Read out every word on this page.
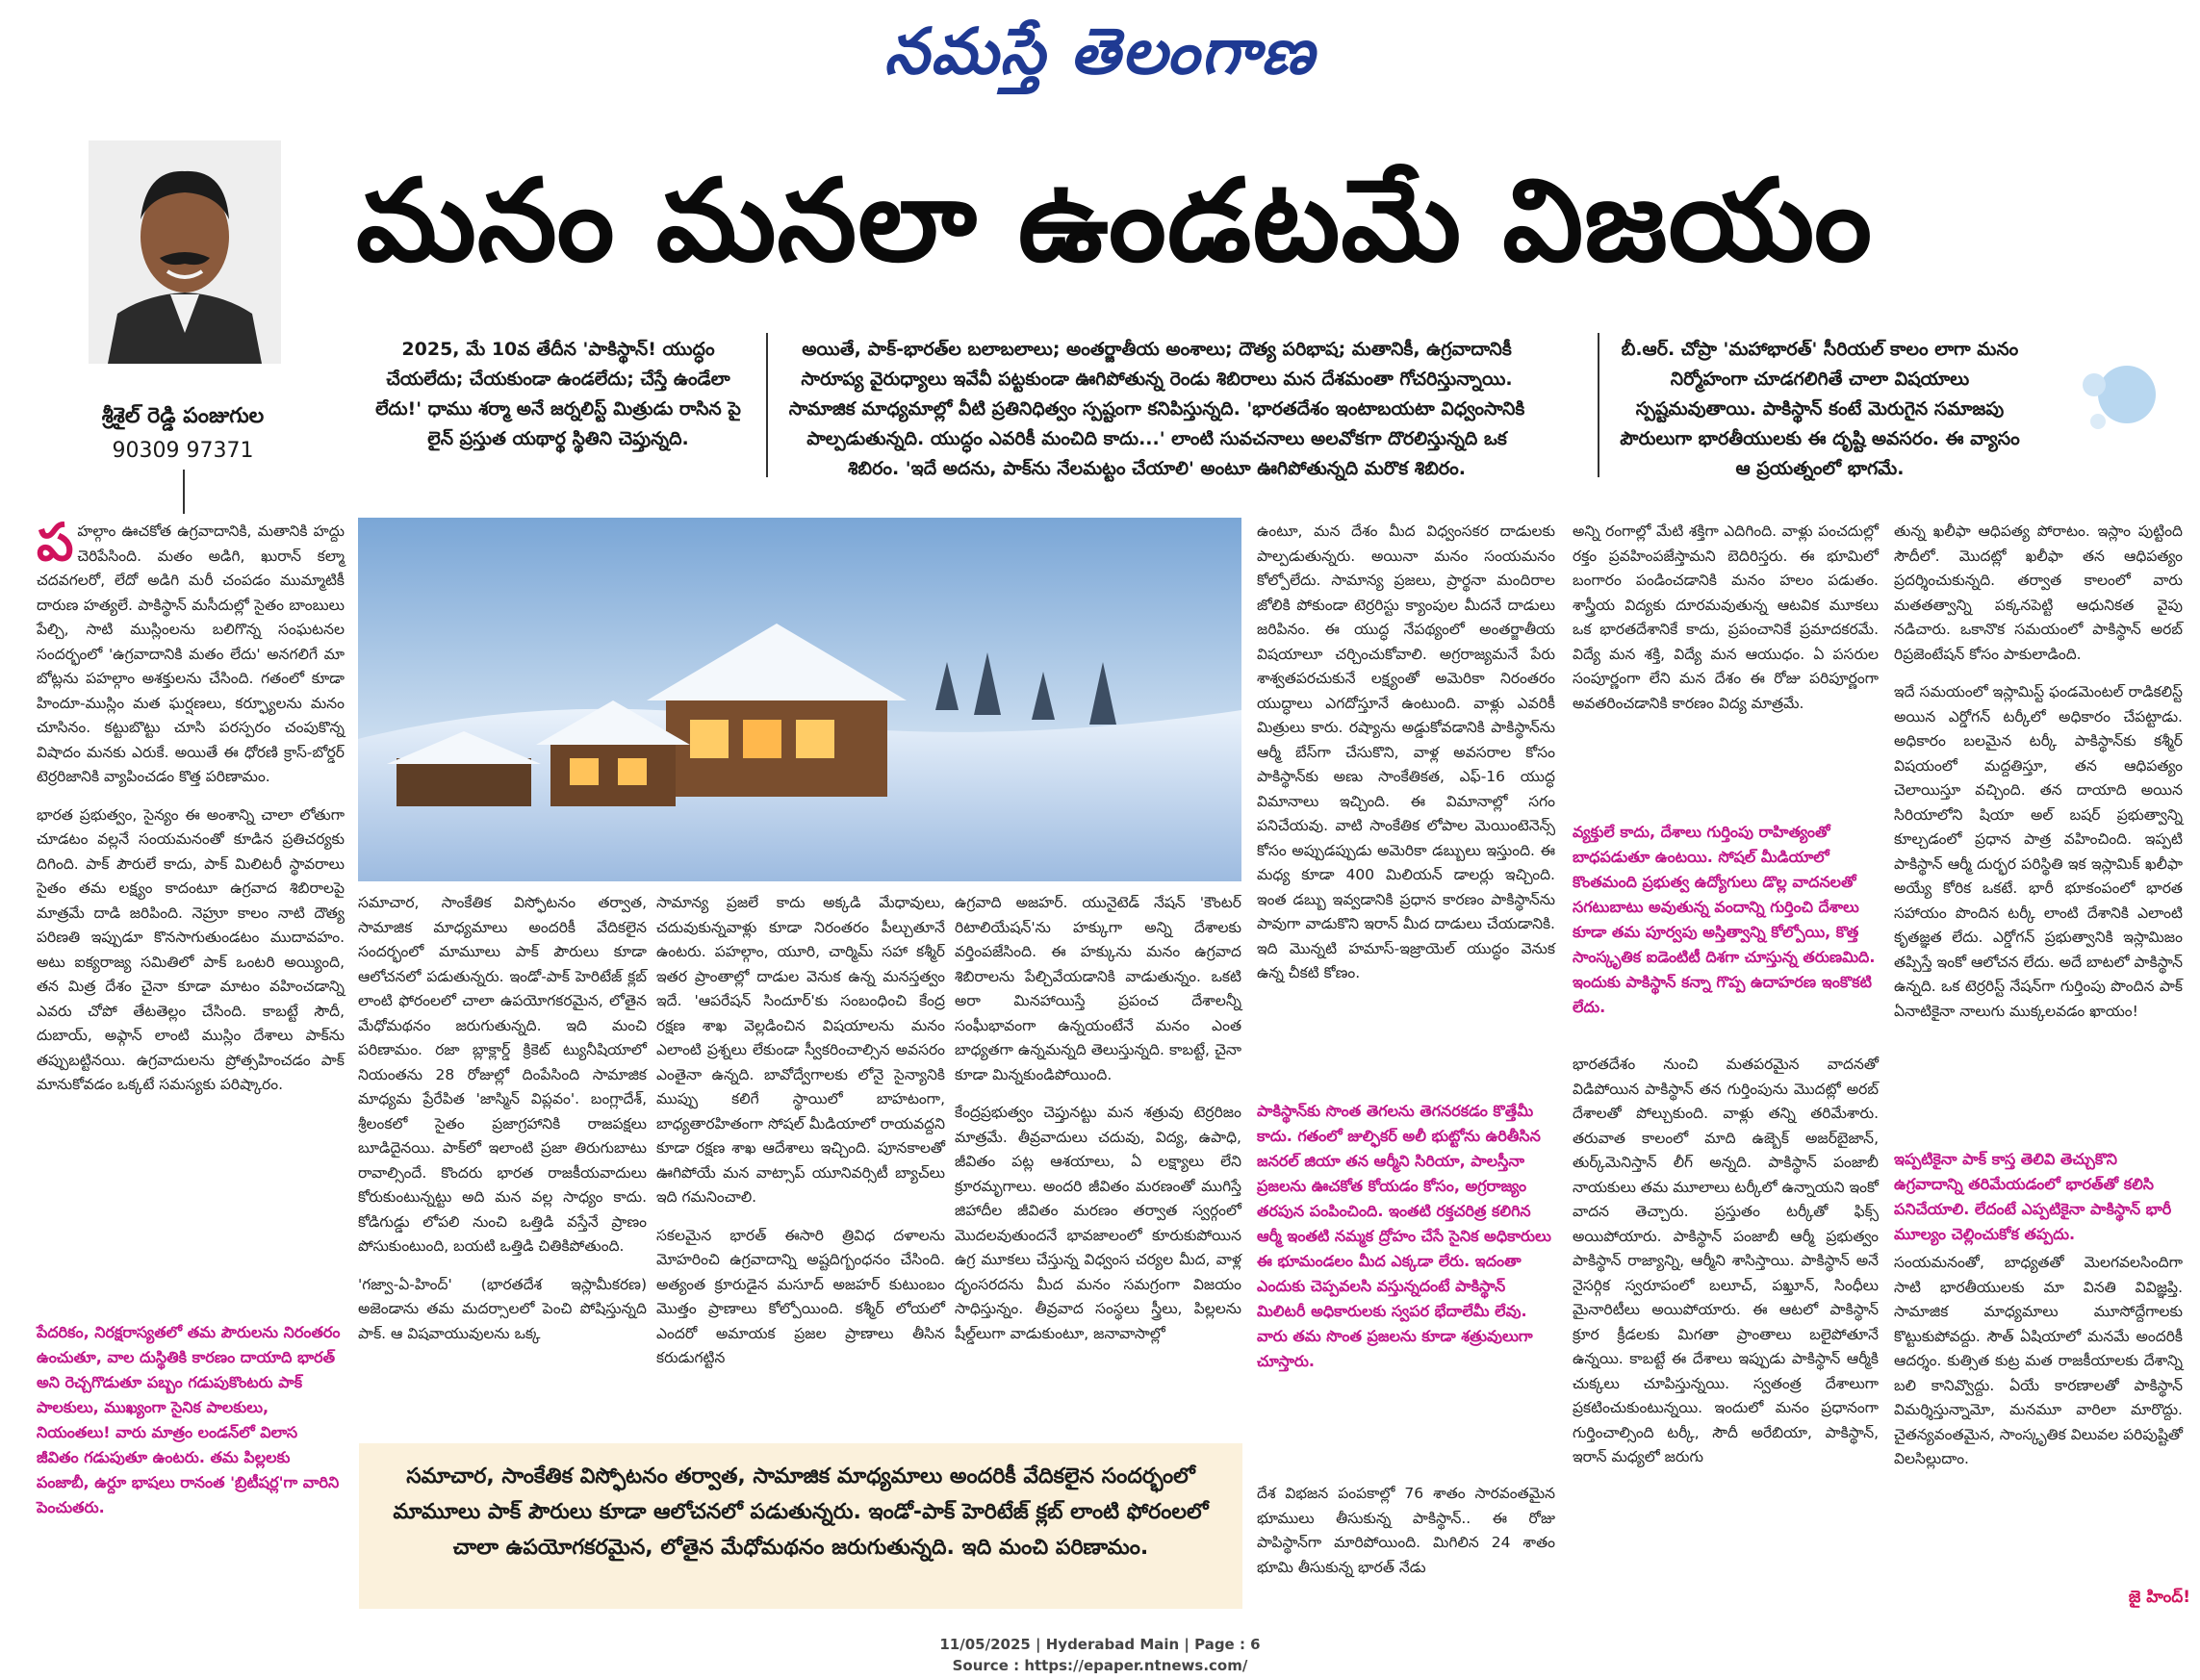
నమస్తే తెలంగాణ
శ్రీశైల్ రెడ్డి పంజుగుల
90309 97371
మనం మనలా ఉండటమే విజయం
2025, మే 10వ తేదీన 'పాకిస్థాన్! యుద్ధం చేయలేదు; చేయకుండా ఉండలేదు; చేస్తే ఉండేలా లేదు!' ధాము శర్మా అనే జర్నలిస్ట్ మిత్రుడు రాసిన పై లైన్ ప్రస్తుత యథార్థ స్థితిని చెప్తున్నది.
అయితే, పాక్-భారత్‌ల బలాబలాలు; అంతర్జాతీయ అంశాలు; దౌత్య పరిభాష; మతానికీ, ఉగ్రవాదానికీ సారూప్య వైరుధ్యాలు ఇవేవీ పట్టకుండా ఊగిపోతున్న రెండు శిబిరాలు మన దేశమంతా గోచరిస్తున్నాయి. సామాజిక మాధ్యమాల్లో వీటి ప్రతినిధిత్వం స్పష్టంగా కనిపిస్తున్నది. 'భారతదేశం ఇంటాబయటా విధ్వంసానికి పాల్పడుతున్నది. యుద్ధం ఎవరికీ మంచిది కాదు...' లాంటి సువచనాలు అలవోకగా దొరలిస్తున్నది ఒక శిబిరం. 'ఇదే అదను, పాక్‌ను నేలమట్టం చేయాలి' అంటూ ఊగిపోతున్నది మరొక శిబిరం.
బీ.ఆర్. చోప్రా 'మహాభారత్' సీరియల్ కాలం లాగా మనం నిర్మోహంగా చూడగలిగితే చాలా విషయాలు స్పష్టమవుతాయి. పాకిస్థాన్ కంటే మెరుగైన సమాజపు పౌరులుగా భారతీయులకు ఈ దృష్టి అవసరం. ఈ వ్యాసం ఆ ప్రయత్నంలో భాగమే.

పహల్గాం ఊచకోత ఉగ్రవాదానికి, మతానికి హద్దు చెరిపేసింది. మతం అడిగి, ఖురాన్ కల్మా చదవగలరో, లేదో అడిగి మరీ చంపడం ముమ్మాటికీ దారుణ హత్యలే. పాకిస్థాన్ మసీదుల్లో సైతం బాంబులు పేల్చి, సాటి ముస్లింలను బలిగొన్న సంఘటనల సందర్భంలో 'ఉగ్రవాదానికి మతం లేదు' అనగలిగే మా బోట్లను పహల్గాం అశక్తులను చేసింది. గతంలో కూడా హిందూ-ముస్లిం మత ఘర్షణలు, కర్ఫ్యూలను మనం చూసినం. కట్టుబొట్టు చూసి పరస్పరం చంపుకొన్న విషాదం మనకు ఎరుకే. అయితే ఈ ధోరణి క్రాస్-బోర్డర్ టెర్రరిజానికి వ్యాపించడం కొత్త పరిణామం.

భారత ప్రభుత్వం, సైన్యం ఈ అంశాన్ని చాలా లోతుగా చూడటం వల్లనే సంయమనంతో కూడిన ప్రతిచర్యకు దిగింది. పాక్ పౌరులే కాదు, పాక్ మిలిటరీ స్థావరాలు సైతం తమ లక్ష్యం కాదంటూ ఉగ్రవాద శిబిరాలపై మాత్రమే దాడి జరిపింది. నెహ్రూ కాలం నాటి దౌత్య పరిణతి ఇప్పుడూ కొనసాగుతుండటం ముదావహం. అటు ఐక్యరాజ్య సమితిలో పాక్ ఒంటరి అయ్యింది, తన మిత్ర దేశం చైనా కూడా మాటం వహించడాన్ని ఎవరు చోపో తేటతెల్లం చేసింది. కాబట్టే సౌదీ, దుబాయ్, అఫ్గాన్ లాంటి ముస్లిం దేశాలు పాక్‌ను తప్పుబట్టినయి. ఉగ్రవాదులను ప్రోత్సహించడం పాక్ మానుకోవడం ఒక్కటే సమస్యకు పరిష్కారం.

పేదరికం, నిరక్షరాస్యతలో తమ పౌరులను నిరంతరం ఉంచుతూ, వాల దుస్థితికి కారణం దాయాది భారత్ అని రెచ్చగొడుతూ పబ్బం గడుపుకొంటరు పాక్ పాలకులు, ముఖ్యంగా సైనిక పాలకులు, నియంతలు! వారు మాత్రం లండన్‌లో విలాస జీవితం గడుపుతూ ఉంటరు. తమ పిల్లలకు పంజాబీ, ఉర్దూ భాషలు రానంత 'బ్రిటీషర్ల'గా వారిని పెంచుతరు.

సమాచార, సాంకేతిక విస్ఫోటనం తర్వాత, సామాజిక మాధ్యమాలు అందరికీ వేదికలైన సందర్భంలో మామూలు పాక్ పౌరులు కూడా ఆలోచనలో పడుతున్నరు. ఇండో-పాక్ హెరిటేజ్ క్లబ్ లాంటి ఫోరంలలో చాలా ఉపయోగకరమైన, లోతైన మేధోమథనం జరుగుతున్నది. ఇది మంచి పరిణామం. రజా బ్లాక్లార్డ్ క్రికెట్ ట్యునీషియాలో నియంతను 28 రోజుల్లో దింపేసింది సామాజిక మాధ్యమ ప్రేరేపిత 'జాస్మిన్ విప్లవం'. బంగ్లాదేశ్, శ్రీలంకలో సైతం ప్రజాగ్రహానికి రాజపక్షలు బూడిదైనయి. పాక్‌లో ఇలాంటి ప్రజా తిరుగుబాటు రావాల్సిందే. కొందరు భారత రాజకీయవాదులు కోరుకుంటున్నట్టు అది మన వల్ల సాధ్యం కాదు. కోడిగుడ్డు లోపలి నుంచి ఒత్తిడి వస్తేనే ప్రాణం పోసుకుంటుంది, బయటి ఒత్తిడి చితికిపోతుంది.

'గజ్వా-ఏ-హింద్' (భారతదేశ ఇస్లామీకరణ) అజెండాను తమ మదర్సాలలో పెంచి పోషిస్తున్నది పాక్. ఆ విషవాయువులను ఒక్క

సామాన్య ప్రజలే కాదు అక్కడి మేధావులు, చదువుకున్నవాళ్లు కూడా నిరంతరం పీల్చుతూనే ఉంటరు. పహల్గాం, యూరి, చార్మిమ్ సహా కశ్మీర్ ఇతర ప్రాంతాల్లో దాడుల వెనుక ఉన్న మనస్తత్వం ఇదే. 'ఆపరేషన్ సిందూర్'కు సంబంధించి కేంద్ర రక్షణ శాఖ వెల్లడించిన విషయాలను మనం ఎలాంటి ప్రశ్నలు లేకుండా స్వీకరించాల్సిన అవసరం ఎంతైనా ఉన్నది. బావోద్వేగాలకు లోనై సైన్యానికి ముప్పు కలిగే స్థాయిలో బాహటంగా, బాధ్యతారహితంగా సోషల్ మీడియాలో రాయవద్దని కూడా రక్షణ శాఖ ఆదేశాలు ఇచ్చింది. పూనకాలతో ఊగిపోయే మన వాట్సాప్ యూనివర్సిటీ బ్యాచ్‌లు ఇది గమనించాలి.

సకలమైన భారత్ ఈసారి త్రివిధ దళాలను మోహరించి ఉగ్రవాదాన్ని అష్టదిగ్బంధనం చేసింది. అత్యంత క్రూరుడైన మసూద్ అజహర్ కుటుంబం మొత్తం ప్రాణాలు కోల్పోయింది. కశ్మీర్ లోయలో ఎందరో అమాయక ప్రజల ప్రాణాలు తీసిన కరుడుగట్టిన

ఉగ్రవాది అజహర్. యునైటెడ్ నేషన్ 'కౌంటర్ రిటాలియేషన్'ను హక్కుగా అన్ని దేశాలకు వర్తింపజేసింది. ఈ హక్కును మనం ఉగ్రవాద శిబిరాలను పేల్చివేయడానికి వాడుతున్నం. ఒకటి అరా మినహాయిస్తే ప్రపంచ దేశాలన్నీ సంఘీభావంగా ఉన్నయంటేనే మనం ఎంత బాధ్యతగా ఉన్నమన్నది తెలుస్తున్నది. కాబట్టే, చైనా కూడా మిన్నకుండిపోయింది.

కేంద్రప్రభుత్వం చెప్తునట్టు మన శత్రువు టెర్రరిజం మాత్రమే. తీవ్రవాదులు చదువు, విద్య, ఉపాధి, జీవితం పట్ల ఆశయాలు, ఏ లక్ష్యాలు లేని క్రూరమృగాలు. అందరి జీవితం మరణంతో ముగిస్తే జిహాదీల జీవితం మరణం తర్వాత స్వర్గంలో మొదలవుతుందనే భావజాలంలో కూరుకుపోయిన ఉగ్ర మూకలు చేస్తున్న విధ్వంస చర్యల మీద, వాళ్ల దృంసరదను మీద మనం సమగ్రంగా విజయం సాధిస్తున్నం. తీవ్రవాద సంస్థలు స్త్రీలు, పిల్లలను షీల్డ్‌లుగా వాడుకుంటూ, జనావాసాల్లో

సమాచార, సాంకేతిక విస్ఫోటనం తర్వాత, సామాజిక మాధ్యమాలు అందరికీ వేదికలైన సందర్భంలో మామూలు పాక్ పౌరులు కూడా ఆలోచనలో పడుతున్నరు. ఇండో-పాక్ హెరిటేజ్ క్లబ్ లాంటి ఫోరంలలో చాలా ఉపయోగకరమైన, లోతైన మేధోమథనం జరుగుతున్నది. ఇది మంచి పరిణామం.

ఉంటూ, మన దేశం మీద విధ్వంసకర దాడులకు పాల్పడుతున్నరు. అయినా మనం సంయమనం కోల్పోలేదు. సామాన్య ప్రజలు, ప్రార్థనా మందిరాల జోలికి పోకుండా టెర్రరిస్టు క్యాంపుల మీదనే దాడులు జరిపినం. ఈ యుద్ధ నేపథ్యంలో అంతర్జాతీయ విషయాలూ చర్చించుకోవాలి. అగ్రరాజ్యమనే పేరు శాశ్వతపరచుకునే లక్ష్యంతో అమెరికా నిరంతరం యుద్ధాలు ఎగదోస్తూనే ఉంటుంది. వాళ్లు ఎవరికీ మిత్రులు కారు. రష్యాను అడ్డుకోవడానికి పాకిస్థాన్‌ను ఆర్మీ బేస్‌గా చేసుకొని, వాళ్ల అవసరాల కోసం పాకిస్థాన్‌కు అణు సాంకేతికత, ఎఫ్-16 యుద్ధ విమానాలు ఇచ్చింది. ఈ విమానాల్లో సగం పనిచేయవు. వాటి సాంకేతిక లోపాల మెయింటెనెన్స్ కోసం అప్పుడప్పుడు అమెరికా డబ్బులు ఇస్తుంది. ఈ మధ్య కూడా 400 మిలియన్ డాలర్లు ఇచ్చింది. ఇంత డబ్బు ఇవ్వడానికి ప్రధాన కారణం పాకిస్థాన్‌ను పావుగా వాడుకొని ఇరాన్ మీద దాడులు చేయడానికి. ఇది మొన్నటి హమాస్-ఇజ్రాయెల్ యుద్ధం వెనుక ఉన్న చీకటి కోణం.

పాకిస్థాన్‌కు సొంత తెగలను తెగనరకడం కొత్తేమీ కాదు. గతంలో జుల్ఫికర్ అలీ భుట్టోను ఉరితీసిన జనరల్ జియా తన ఆర్మీని సిరియా, పాలస్తీనా ప్రజలను ఊచకోత కోయడం కోసం, అగ్రరాజ్యం తరపున పంపించింది. ఇంతటి రక్తచరిత్ర కలిగిన ఆర్మీ ఇంతటి నమ్మక ద్రోహం చేసే సైనిక అధికారులు ఈ భూమండలం మీద ఎక్కడా లేరు. ఇదంతా ఎందుకు చెప్పవలసి వస్తున్నదంటే పాకిస్థాన్ మిలిటరీ అధికారులకు స్వపర భేదాలేమీ లేవు. వారు తమ సొంత ప్రజలను కూడా శత్రువులుగా చూస్తారు.
దేశ విభజన పంపకాల్లో 76 శాతం సారవంతమైన భూములు తీసుకున్న పాకిస్థాన్.. ఈ రోజు పాపిస్థాన్‌గా మారిపోయింది. మిగిలిన 24 శాతం భూమి తీసుకున్న భారత్ నేడు

అన్ని రంగాల్లో మేటి శక్తిగా ఎదిగింది. వాళ్లు పంచదుల్లో రక్తం ప్రవహింపజేస్తామని బెదిరిస్తరు. ఈ భూమిలో బంగారం పండించడానికి మనం హలం పడుతం. శాస్త్రీయ విద్యకు దూరమవుతున్న ఆటవిక మూకలు ఒక భారతదేశానికే కాదు, ప్రపంచానికే ప్రమాదకరమే. విద్యే మన శక్తి, విద్యే మన ఆయుధం. ఏ పసరుల సంపూర్ణంగా లేని మన దేశం ఈ రోజు పరిపూర్ణంగా అవతరించడానికి కారణం విద్య మాత్రమే.

వ్యక్తులే కాదు, దేశాలు గుర్తింపు రాహిత్యంతో బాధపడుతూ ఉంటయి. సోషల్ మీడియాలో కొంతమంది ప్రభుత్వ ఉద్యోగులు డొల్ల వాదనలతో సగటుబాటు అవుతున్న వందాన్ని గుర్తించి దేశాలు కూడా తమ పూర్వపు అస్తిత్వాన్ని కోల్పోయి, కొత్త సాంస్కృతిక ఐడెంటిటీ దిశగా చూస్తున్న తరుణమిది. ఇందుకు పాకిస్థాన్ కన్నా గొప్ప ఉదాహరణ ఇంకొకటి లేదు.
భారతదేశం నుంచి మతపరమైన వాదనతో విడిపోయిన పాకిస్థాన్ తన గుర్తింపును మొదట్లో అరబ్ దేశాలతో పోల్చుకుంది. వాళ్లు తన్ని తరిమేశారు. తరువాత కాలంలో మాది ఉజ్బెక్ అజర్‌బైజాన్, తుర్క్‌మెనిస్తాన్ లీగ్ అన్నది. పాకిస్థాన్ పంజాబీ నాయకులు తమ మూలాలు టర్కీలో ఉన్నాయని ఇంకో వాదన తెచ్చారు. ప్రస్తుతం టర్కీతో ఫిక్స్ అయిపోయారు. పాకిస్థాన్ పంజాబీ ఆర్మీ ప్రభుత్వం పాకిస్థాన్ రాజ్యాన్ని, ఆర్మీని శాసిస్తాయి. పాకిస్థాన్ అనే నైసర్గిక స్వరూపంలో బలూచ్, పఖ్తూన్, సింధీలు మైనారిటీలు అయిపోయారు. ఈ ఆటలో పాకిస్థాన్ క్రూర క్రీడలకు మిగతా ప్రాంతాలు బలైపోతూనే ఉన్నయి. కాబట్టే ఈ దేశాలు ఇప్పుడు పాకిస్థాన్ ఆర్మీకి చుక్కలు చూపిస్తున్నయి. స్వతంత్ర దేశాలుగా ప్రకటించుకుంటున్నయి. ఇందులో మనం ప్రధానంగా గుర్తించాల్సింది టర్కీ, సౌదీ అరేబియా, పాకిస్థాన్, ఇరాన్ మధ్యలో జరుగు

తున్న ఖలీఫా ఆధిపత్య పోరాటం. ఇస్లాం పుట్టింది సౌదీలో. మొదట్లో ఖలీఫా తన ఆధిపత్యం ప్రదర్శించుకున్నది. తర్వాత కాలంలో వారు మతతత్వాన్ని పక్కనపెట్టి ఆధునికత వైపు నడిచారు. ఒకానొక సమయంలో పాకిస్థాన్ అరబ్ రిప్రజెంటేషన్ కోసం పాకులాడింది.

ఇదే సమయంలో ఇస్లామిస్ట్ ఫండమెంటల్ రాడికలిస్ట్ అయిన ఎర్డోగన్ టర్కీలో అధికారం చేపట్టాడు. అధికారం బలమైన టర్కీ పాకిస్థాన్‌కు కశ్మీర్ విషయంలో మద్దతిస్తూ, తన ఆధిపత్యం చెలాయిస్తూ వచ్చింది. తన దాయాది అయిన సిరియాలోని షియా అల్ బషర్ ప్రభుత్వాన్ని కూల్చడంలో ప్రధాన పాత్ర వహించింది. ఇప్పటి పాకిస్థాన్ ఆర్మీ దుర్భర పరిస్థితి ఇక ఇస్లామిక్ ఖలీఫా అయ్యే కోరిక ఒకటే. భారీ భూకంపంలో భారత సహాయం పొందిన టర్కీ లాంటి దేశానికి ఎలాంటి కృతజ్ఞత లేదు. ఎర్డోగన్ ప్రభుత్వానికి ఇస్లామిజం తప్పిస్తే ఇంకో ఆలోచన లేదు. అదే బాటలో పాకిస్థాన్ ఉన్నది. ఒక టెర్రరిస్ట్ నేషన్‌గా గుర్తింపు పొందిన పాక్ ఏనాటికైనా నాలుగు ముక్కలవడం ఖాయం!

ఇప్పటికైనా పాక్ కాస్త తెలివి తెచ్చుకొని ఉగ్రవాదాన్ని తరిమేయడంలో భారత్‌తో కలిసి పనిచేయాలి. లేదంటే ఎప్పటికైనా పాకిస్థాన్ భారీ మూల్యం చెల్లించుకోక తప్పదు.
సంయమనంతో, బాధ్యతతో మెలగవలసిందిగా సాటి భారతీయులకు మా వినతి వివిజ్ఞప్తి. సామాజిక మాధ్యమాలు మూసోద్దేగాలకు కొట్టుకుపోవద్దు. సౌత్ ఏషియాలో మనమే అందరికీ ఆదర్శం. కుత్సిత కుట్ర మత రాజకీయాలకు దేశాన్ని బలి కానివ్వొద్దు. ఏయే కారణాలతో పాకిస్థాన్ విమర్శిస్తున్నామో, మనమూ వారిలా మారొద్దు. చైతన్యవంతమైన, సాంస్కృతిక విలువల పరిపుష్టితో విలసిల్లుదాం.
జై హింద్!
11/05/2025 | Hyderabad Main | Page : 6
Source : https://epaper.ntnews.com/
